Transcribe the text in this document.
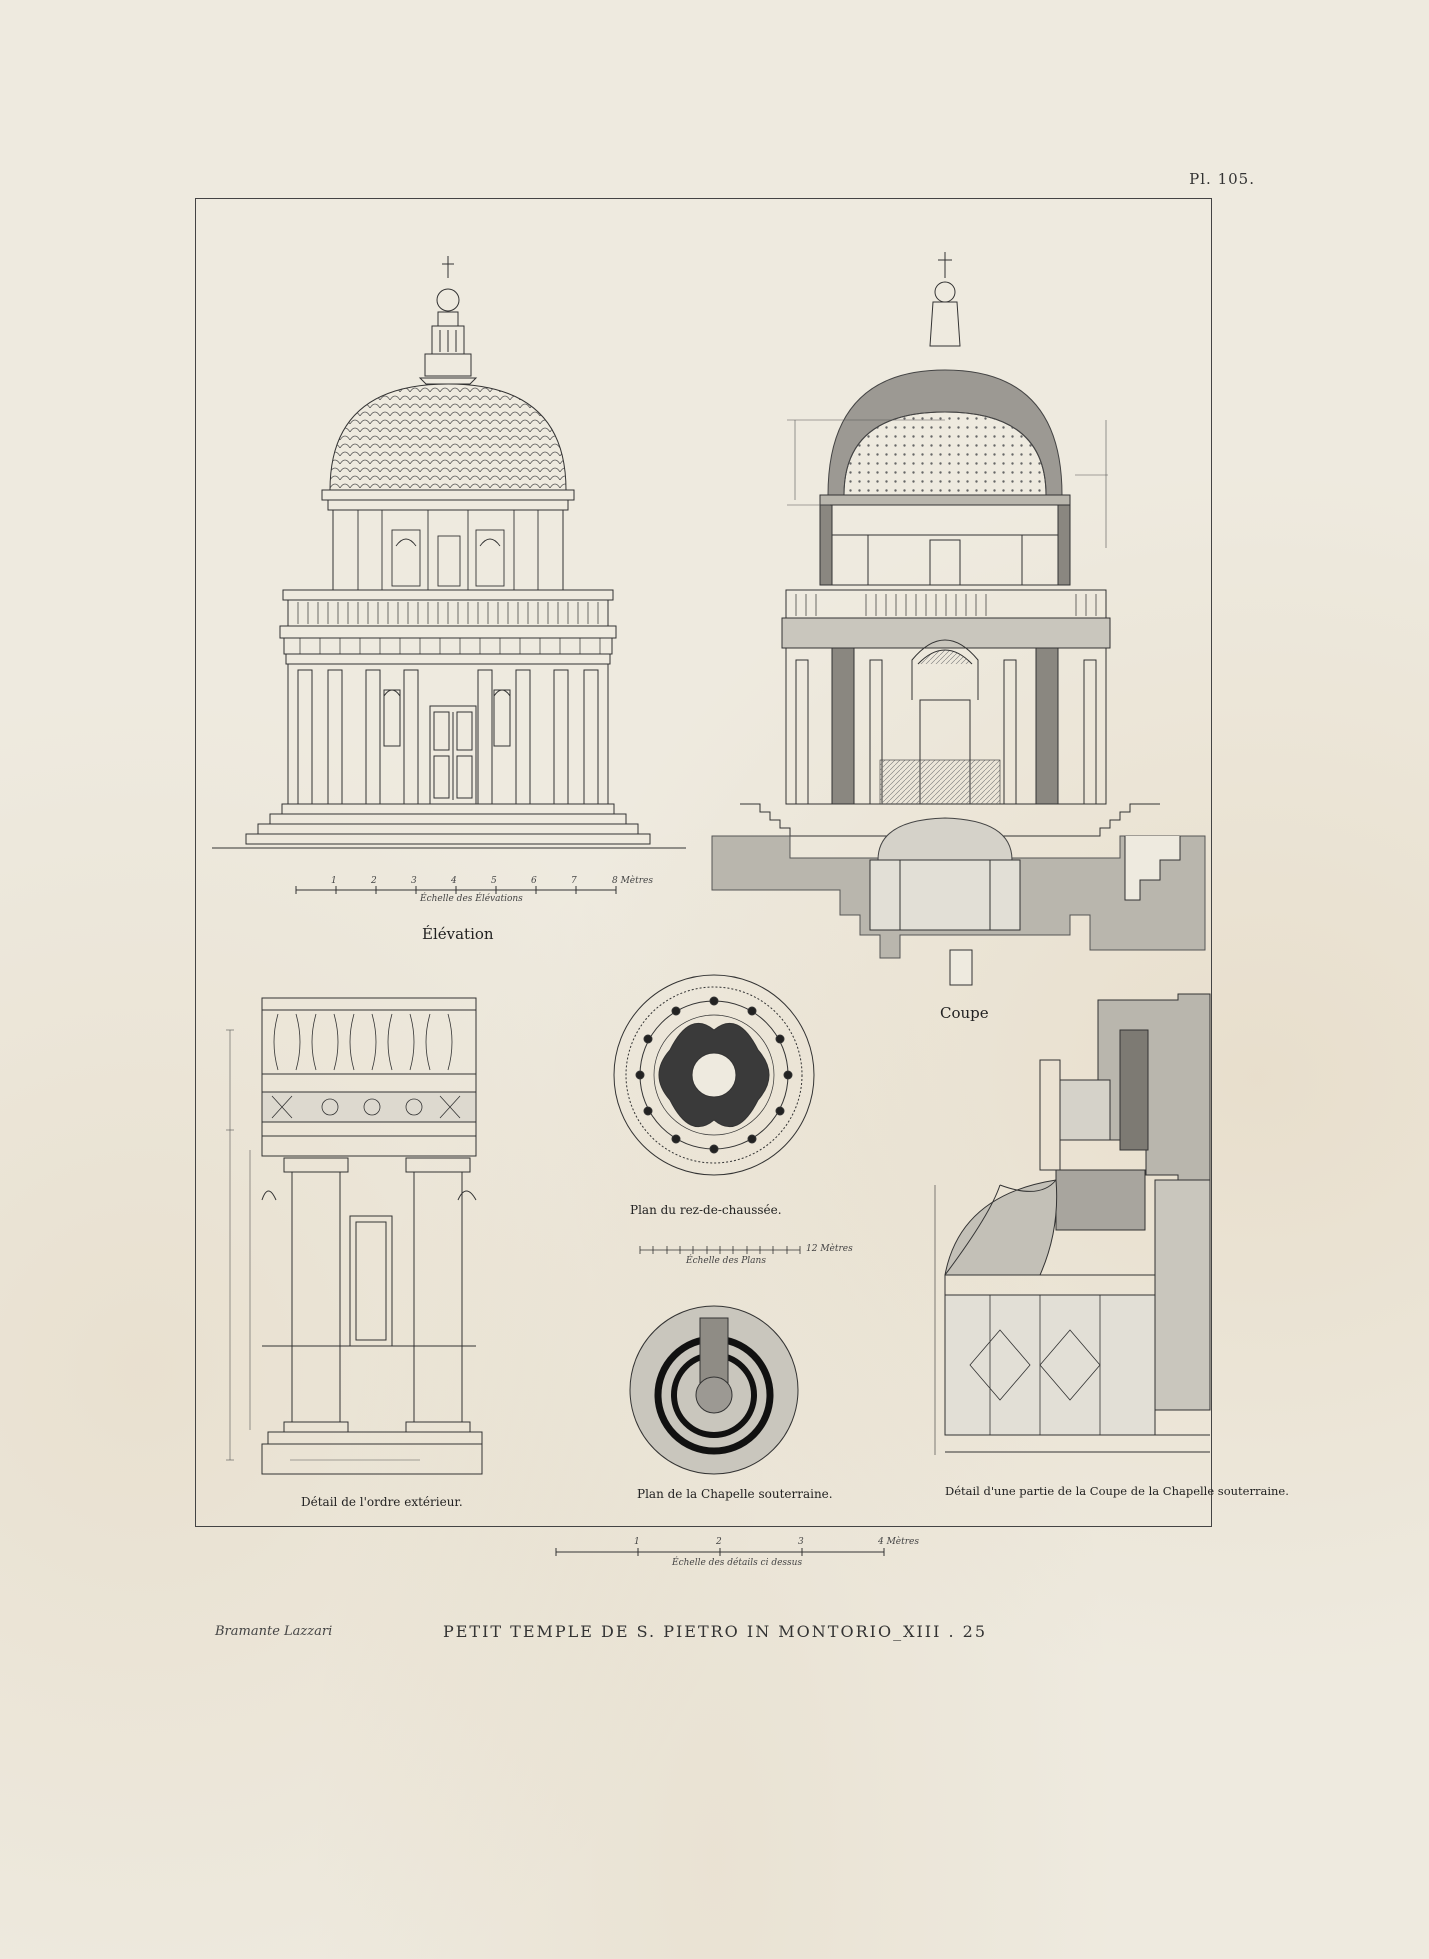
Pl. 105.
1	2	3	4	5	6	7	8 Mètres
Échelle des Élévations
Élévation
Coupe
Plan du rez-de-chaussée.
Échelle des Plans
12 Mètres
Détail de l'ordre extérieur.
Plan de la Chapelle souterraine.	Détail d'une partie de la Coupe de la Chapelle souterraine.
1	2	3	4 Mètres
Échelle des détails ci dessus
Bramante Lazzari	PETIT TEMPLE DE S. PIETRO IN MONTORIO_XIII . 25
